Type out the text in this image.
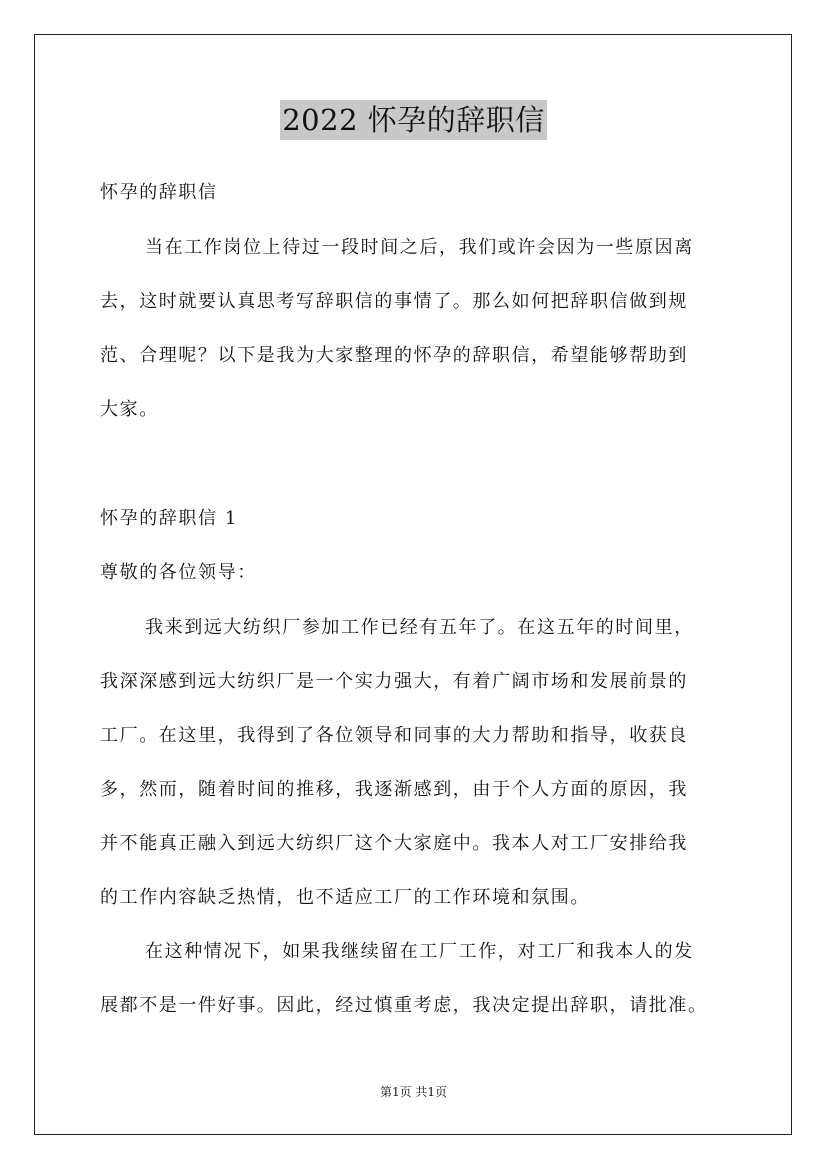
2022 怀孕的辞职信
怀孕的辞职信
当在工作岗位上待过一段时间之后，我们或许会因为一些原因离
去，这时就要认真思考写辞职信的事情了。那么如何把辞职信做到规
范、合理呢？以下是我为大家整理的怀孕的辞职信，希望能够帮助到
大家。
怀孕的辞职信 1
尊敬的各位领导：
我来到远大纺织厂参加工作已经有五年了。在这五年的时间里，
我深深感到远大纺织厂是一个实力强大，有着广阔市场和发展前景的
工厂。在这里，我得到了各位领导和同事的大力帮助和指导，收获良
多，然而，随着时间的推移，我逐渐感到，由于个人方面的原因，我
并不能真正融入到远大纺织厂这个大家庭中。我本人对工厂安排给我
的工作内容缺乏热情，也不适应工厂的工作环境和氛围。
在这种情况下，如果我继续留在工厂工作，对工厂和我本人的发
展都不是一件好事。因此，经过慎重考虑，我决定提出辞职，请批准。
第1页 共1页
